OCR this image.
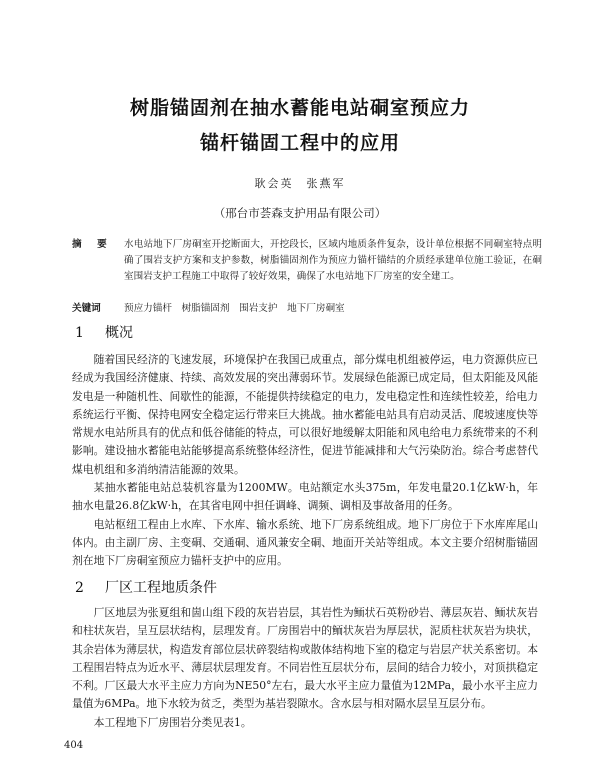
树脂锚固剂在抽水蓄能电站硐室预应力
锚杆锚固工程中的应用
耿会英　张燕军
（邢台市荟森支护用品有限公司）
摘　要 水电站地下厂房硐室开挖断面大，开挖段长，区域内地质条件复杂，设计单位根据不同硐室特点明确了围岩支护方案和支护参数，树脂锚固剂作为预应力锚杆锚结的介质经承建单位施工验证，在硐室围岩支护工程施工中取得了较好效果，确保了水电站地下厂房室的安全建工。
关键词 预应力锚杆　树脂锚固剂　围岩支护　地下厂房硐室
1 概况

随着国民经济的飞速发展，环境保护在我国已成重点，部分煤电机组被停运，电力资源供应已经成为我国经济健康、持续、高效发展的突出薄弱环节。发展绿色能源已成定局，但太阳能及风能发电是一种随机性、间歇性的能源，不能提供持续稳定的电力，发电稳定性和连续性较差，给电力系统运行平衡、保持电网安全稳定运行带来巨大挑战。抽水蓄能电站具有启动灵活、爬坡速度快等常规水电站所具有的优点和低谷储能的特点，可以很好地缓解太阳能和风电给电力系统带来的不利影响。建设抽水蓄能电站能够提高系统整体经济性，促进节能减排和大气污染防治。综合考虑替代煤电机组和多消纳清洁能源的效果。

某抽水蓄能电站总装机容量为1200MW。电站额定水头375m，年发电量20.1亿kW·h，年抽水电量26.8亿kW·h，在其省电网中担任调峰、调频、调相及事故备用的任务。

电站枢纽工程由上水库、下水库、输水系统、地下厂房系统组成。地下厂房位于下水库库尾山体内。由主副厂房、主变硐、交通硐、通风兼安全硐、地面开关站等组成。本文主要介绍树脂锚固剂在地下厂房硐室预应力锚杆支护中的应用。

2 厂区工程地质条件

厂区地层为张夏组和崮山组下段的灰岩岩层，其岩性为鲕状石英粉砂岩、薄层灰岩、鲕状灰岩和柱状灰岩，呈互层状结构，层理发育。厂房围岩中的鲕状灰岩为厚层状，泥质柱状灰岩为块状，其余岩体为薄层状，构造发育部位层状碎裂结构或散体结构地下室的稳定与岩层产状关系密切。本工程围岩特点为近水平、薄层状层理发育。不同岩性互层状分布，层间的结合力较小，对顶拱稳定不利。厂区最大水平主应力方向为NE50°左右，最大水平主应力量值为12MPa，最小水平主应力量值为6MPa。地下水较为贫乏，类型为基岩裂隙水。含水层与相对隔水层呈互层分布。

本工程地下厂房围岩分类见表1。

404
